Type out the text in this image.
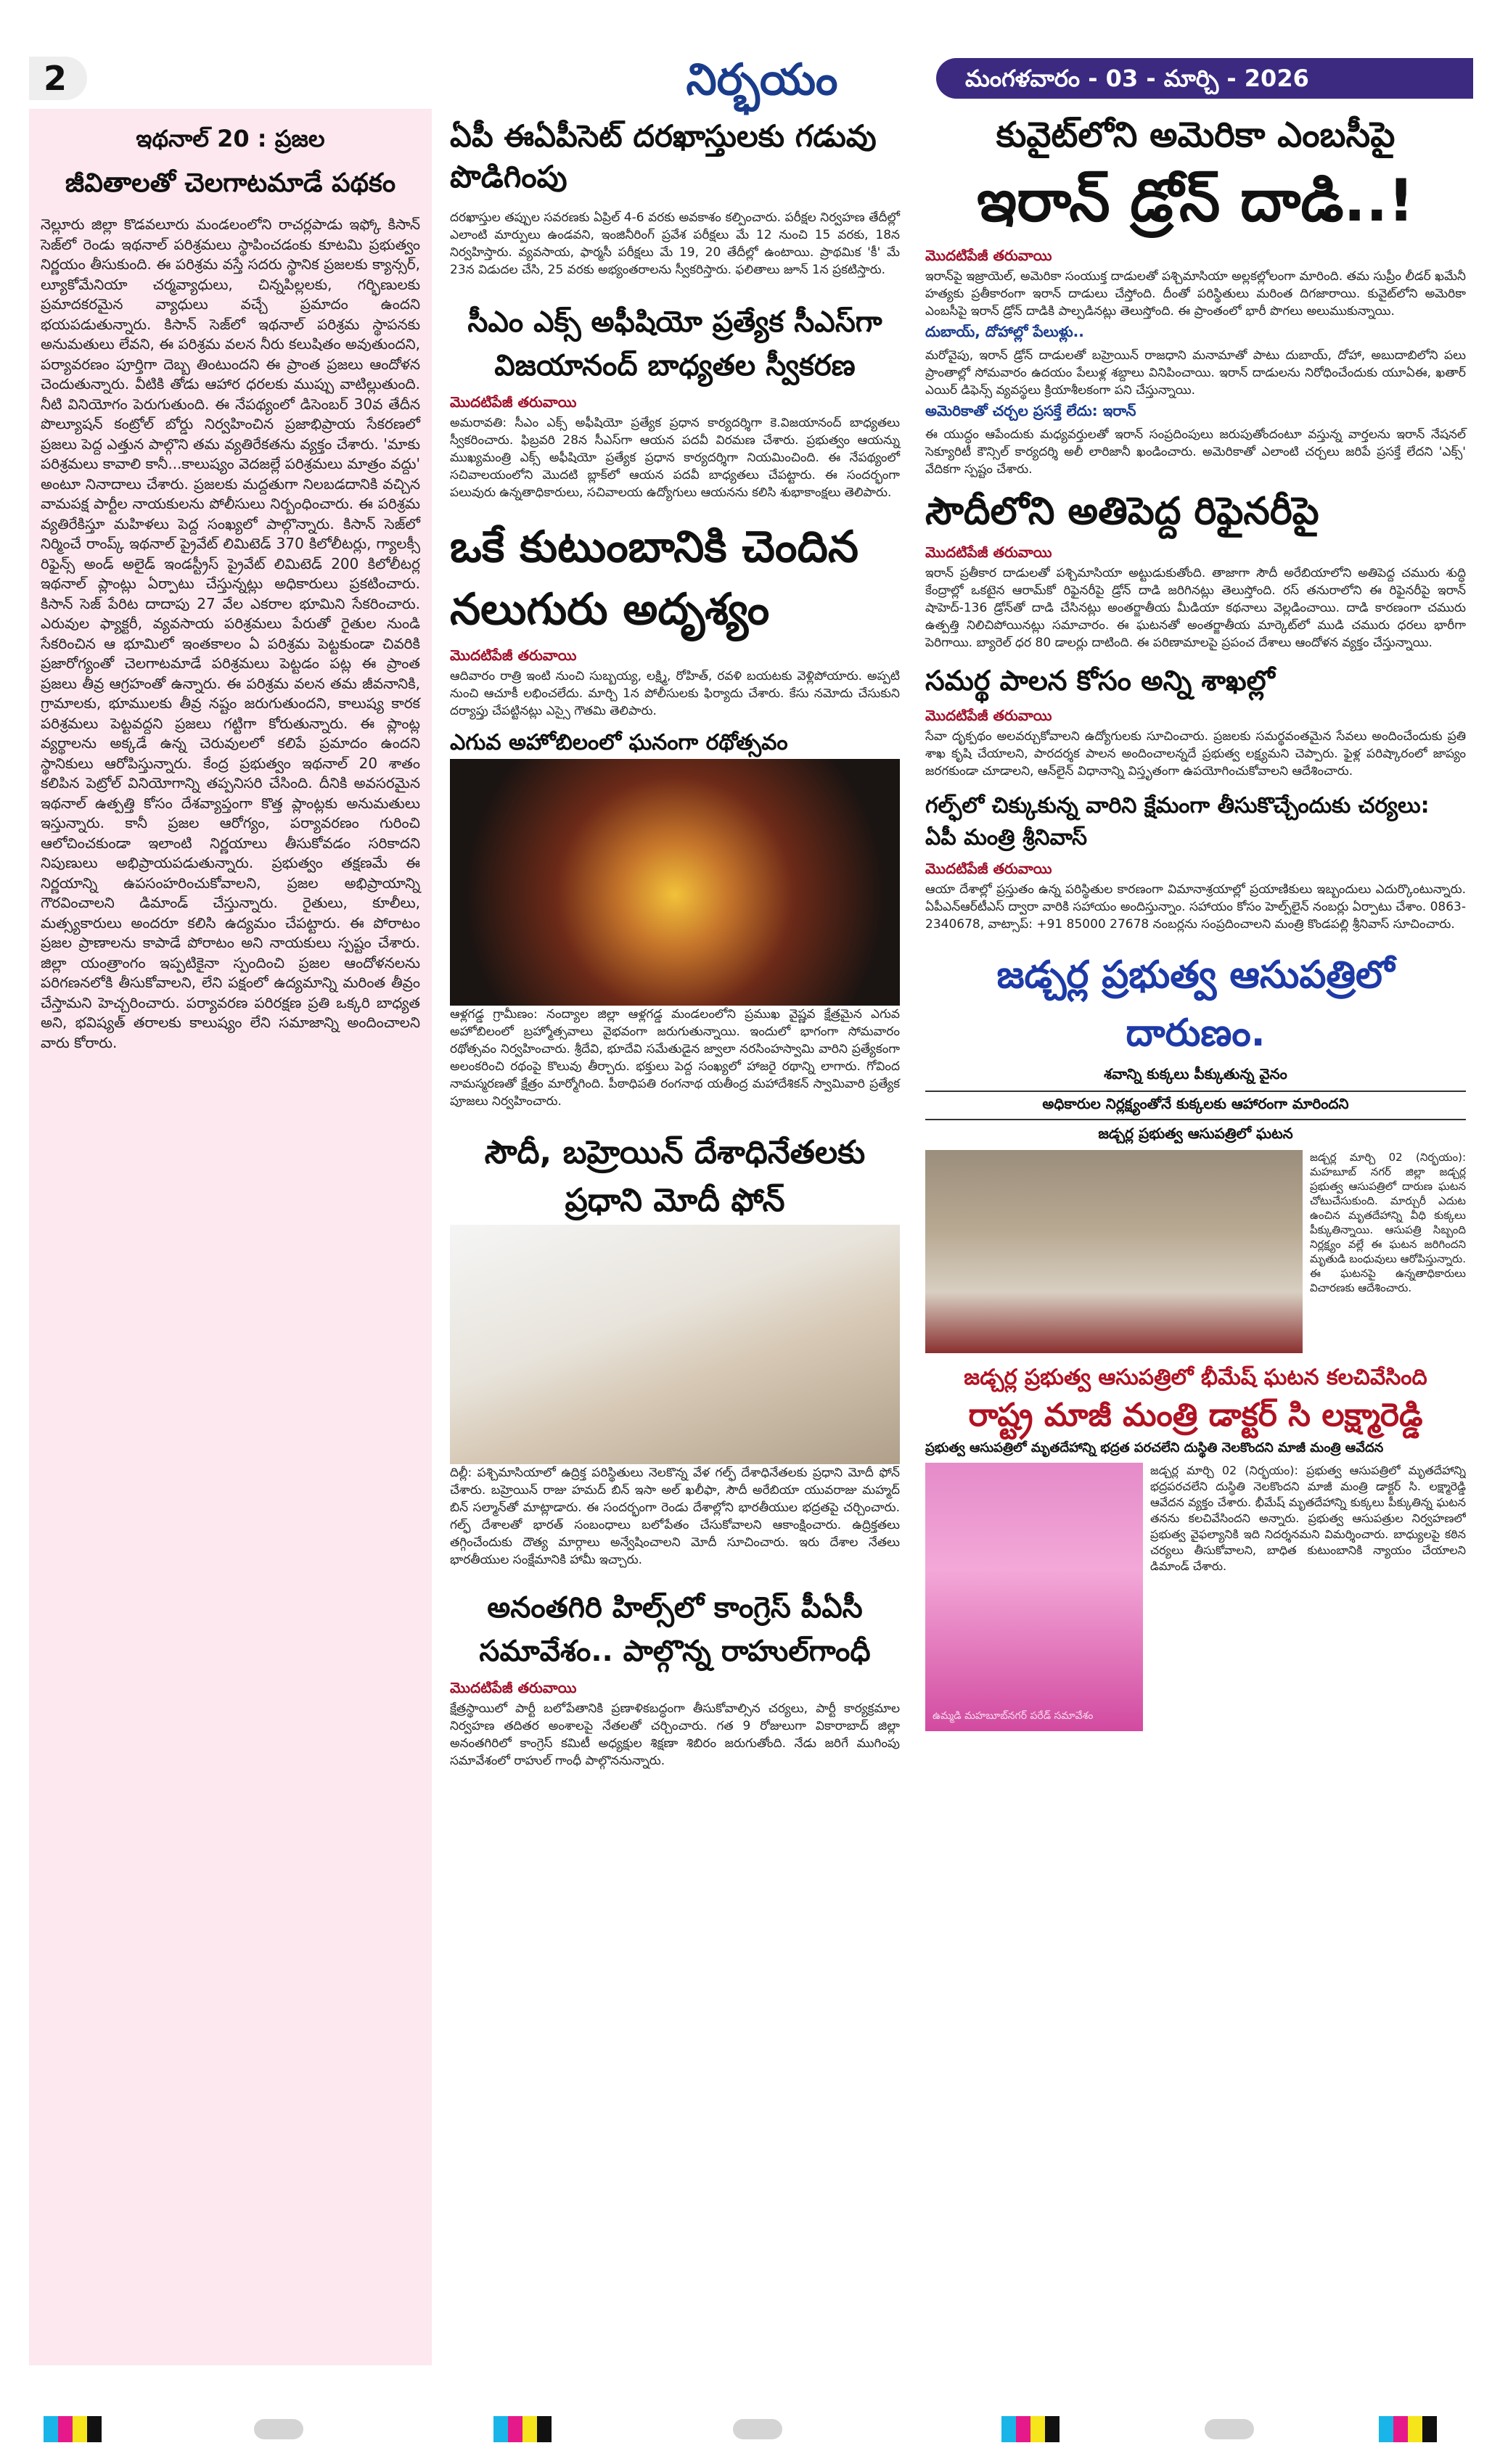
2	నిర్భయం	మంగళవారం - 03 - మార్చి - 2026
ఇథనాల్ 20 : ప్రజల
జీవితాలతో చెలగాటమాడే పథకం
నెల్లూరు జిల్లా కొడవలూరు మండలంలోని రాచర్లపాడు ఇఫ్కో కిసాన్ సెజ్‌లో రెండు ఇథనాల్ పరిశ్రమలు స్థాపించడంకు కూటమి ప్రభుత్వం నిర్ణయం తీసుకుంది. ఈ పరిశ్రమ వస్తే సదరు స్థానిక ప్రజలకు క్యాన్సర్, ల్యూకోమేనియా చర్మవ్యాధులు, చిన్నపిల్లలకు, గర్భిణులకు ప్రమాదకరమైన వ్యాధులు వచ్చే ప్రమాదం ఉందని భయపడుతున్నారు. కిసాన్ సెజ్‌లో ఇథనాల్ పరిశ్రమ స్థాపనకు అనుమతులు లేవని, ఈ పరిశ్రమ వలన నీరు కలుషితం అవుతుందని, పర్యావరణం పూర్తిగా దెబ్బ తింటుందని ఈ ప్రాంత ప్రజలు ఆందోళన చెందుతున్నారు. వీటికి తోడు ఆహార ధరలకు ముప్పు వాటిల్లుతుంది. నీటి వినియోగం పెరుగుతుంది. ఈ నేపథ్యంలో డిసెంబర్ 30వ తేదీన పొల్యూషన్ కంట్రోల్ బోర్డు నిర్వహించిన ప్రజాభిప్రాయ సేకరణలో ప్రజలు పెద్ద ఎత్తున పాల్గొని తమ వ్యతిరేకతను వ్యక్తం చేశారు. 'మాకు పరిశ్రమలు కావాలి కానీ...కాలుష్యం వెదజల్లే పరిశ్రమలు మాత్రం వద్దు' అంటూ నినాదాలు చేశారు. ప్రజలకు మద్దతుగా నిలబడదానికి వచ్చిన వామపక్ష పార్టీల నాయకులను పోలీసులు నిర్బంధించారు. ఈ పరిశ్రమ వ్యతిరేకిస్తూ మహిళలు పెద్ద సంఖ్యలో పాల్గొన్నారు. కిసాన్ సెజ్‌లో నిర్మించే రాంప్క్ ఇథనాల్ ప్రైవేట్ లిమిటెడ్ 370 కిలోలీటర్లు, గ్యాలక్సీ రిఫైన్స్ అండ్ అలైడ్ ఇండస్ట్రీస్ ప్రైవేట్ లిమిటెడ్ 200 కిలోలీటర్ల ఇథనాల్ ప్లాంట్లు ఏర్పాటు చేస్తున్నట్లు అధికారులు ప్రకటించారు. కిసాన్ సెజ్ పేరిట దాదాపు 27 వేల ఎకరాల భూమిని సేకరించారు. ఎరువుల ఫ్యాక్టరీ, వ్యవసాయ పరిశ్రమలు పేరుతో రైతుల నుండి సేకరించిన ఆ భూమిలో ఇంతకాలం ఏ పరిశ్రమ పెట్టకుండా చివరికి ప్రజారోగ్యంతో చెలగాటమాడే పరిశ్రమలు పెట్టడం పట్ల ఈ ప్రాంత ప్రజలు తీవ్ర ఆగ్రహంతో ఉన్నారు. ఈ పరిశ్రమ వలన తమ జీవనానికి, గ్రామాలకు, భూములకు తీవ్ర నష్టం జరుగుతుందని, కాలుష్య కారక పరిశ్రమలు పెట్టవద్దని ప్రజలు గట్టిగా కోరుతున్నారు. ఈ ప్లాంట్ల వ్యర్థాలను అక్కడే ఉన్న చెరువులలో కలిపే ప్రమాదం ఉందని స్థానికులు ఆరోపిస్తున్నారు. కేంద్ర ప్రభుత్వం ఇథనాల్ 20 శాతం కలిపిన పెట్రోల్ వినియోగాన్ని తప్పనిసరి చేసింది. దీనికి అవసరమైన ఇథనాల్ ఉత్పత్తి కోసం దేశవ్యాప్తంగా కొత్త ప్లాంట్లకు అనుమతులు ఇస్తున్నారు. కానీ ప్రజల ఆరోగ్యం, పర్యావరణం గురించి ఆలోచించకుండా ఇలాంటి నిర్ణయాలు తీసుకోవడం సరికాదని నిపుణులు అభిప్రాయపడుతున్నారు. ప్రభుత్వం తక్షణమే ఈ నిర్ణయాన్ని ఉపసంహరించుకోవాలని, ప్రజల అభిప్రాయాన్ని గౌరవించాలని డిమాండ్ చేస్తున్నారు. రైతులు, కూలీలు, మత్స్యకారులు అందరూ కలిసి ఉద్యమం చేపట్టారు. ఈ పోరాటం ప్రజల ప్రాణాలను కాపాడే పోరాటం అని నాయకులు స్పష్టం చేశారు. జిల్లా యంత్రాంగం ఇప్పటికైనా స్పందించి ప్రజల ఆందోళనలను పరిగణనలోకి తీసుకోవాలని, లేని పక్షంలో ఉద్యమాన్ని మరింత తీవ్రం చేస్తామని హెచ్చరించారు. పర్యావరణ పరిరక్షణ ప్రతి ఒక్కరి బాధ్యత అని, భవిష్యత్ తరాలకు కాలుష్యం లేని సమాజాన్ని అందించాలని వారు కోరారు.
ఏపీ ఈఏపీసెట్ దరఖాస్తులకు గడువు పొడిగింపు
దరఖాస్తుల తప్పుల సవరణకు ఏప్రిల్ 4-6 వరకు అవకాశం కల్పించారు. పరీక్షల నిర్వహణ తేదీల్లో ఎలాంటి మార్పులు ఉండవని, ఇంజినీరింగ్ ప్రవేశ పరీక్షలు మే 12 నుంచి 15 వరకు, 18న నిర్వహిస్తారు. వ్యవసాయ, ఫార్మసీ పరీక్షలు మే 19, 20 తేదీల్లో ఉంటాయి. ప్రాథమిక 'కీ' మే 23న విడుదల చేసి, 25 వరకు అభ్యంతరాలను స్వీకరిస్తారు. ఫలితాలు జూన్ 1న ప్రకటిస్తారు.
సీఎం ఎక్స్ అఫీషియో ప్రత్యేక సీఎస్‌గా విజయానంద్ బాధ్యతల స్వీకరణ
మెుదటిపేజీ తరువాయి
అమరావతి: సీఎం ఎక్స్ అఫీషియో ప్రత్యేక ప్రధాన కార్యదర్శిగా కె.విజయానంద్ బాధ్యతలు స్వీకరించారు. ఫిబ్రవరి 28న సీఎస్‌గా ఆయన పదవీ విరమణ చేశారు. ప్రభుత్వం ఆయన్ను ముఖ్యమంత్రి ఎక్స్ అఫీషియో ప్రత్యేక ప్రధాన కార్యదర్శిగా నియమించింది. ఈ నేపథ్యంలో సచివాలయంలోని మెుదటి బ్లాక్‌లో ఆయన పదవీ బాధ్యతలు చేపట్టారు. ఈ సందర్భంగా పలువురు ఉన్నతాధికారులు, సచివాలయ ఉద్యోగులు ఆయనను కలిసి శుభాకాంక్షలు తెలిపారు.
ఒకే కుటుంబానికి చెందిన నలుగురు అదృశ్యం
మెుదటిపేజీ తరువాయి
ఆదివారం రాత్రి ఇంటి నుంచి సుబ్బయ్య, లక్ష్మి, రోహిత్, రవళి బయటకు వెళ్లిపోయారు. అప్పటి నుంచి ఆచూకీ లభించలేదు. మార్చి 1న పోలీసులకు ఫిర్యాదు చేశారు. కేసు నమోదు చేసుకుని దర్యాప్తు చేపట్టినట్లు ఎస్సై గౌతమి తెలిపారు.
ఎగువ అహోబిలంలో ఘనంగా రథోత్సవం
ఆళ్లగడ్డ గ్రామీణం: నంద్యాల జిల్లా ఆళ్లగడ్డ మండలంలోని ప్రముఖ వైష్ణవ క్షేత్రమైన ఎగువ అహోబిలంలో బ్రహ్మోత్సవాలు వైభవంగా జరుగుతున్నాయి. ఇందులో భాగంగా సోమవారం రథోత్సవం నిర్వహించారు. శ్రీదేవి, భూదేవి సమేతుడైన జ్వాలా నరసింహస్వామి వారిని ప్రత్యేకంగా అలంకరించి రథంపై కొలువు తీర్చారు. భక్తులు పెద్ద సంఖ్యలో హాజరై రథాన్ని లాగారు. గోవింద నామస్మరణతో క్షేత్రం మార్మోగింది. పీఠాధిపతి రంగనాథ యతీంద్ర మహాదేశికన్ స్వామివారి ప్రత్యేక పూజలు నిర్వహించారు.
సౌదీ, బహ్రెయిన్ దేశాధినేతలకు ప్రధాని మోదీ ఫోన్
దిల్లీ: పశ్చిమాసియాలో ఉద్రిక్త పరిస్థితులు నెలకొన్న వేళ గల్ఫ్ దేశాధినేతలకు ప్రధాని మోదీ ఫోన్ చేశారు. బహ్రెయిన్ రాజు హమద్ బిన్ ఇసా అల్ ఖలీఫా, సౌదీ అరేబియా యువరాజు మహ్మద్ బిన్ సల్మాన్‌తో మాట్లాడారు. ఈ సందర్భంగా రెండు దేశాల్లోని భారతీయుల భద్రతపై చర్చించారు. గల్ఫ్ దేశాలతో భారత్ సంబంధాలు బలోపేతం చేసుకోవాలని ఆకాంక్షించారు. ఉద్రిక్తతలు తగ్గించేందుకు దౌత్య మార్గాలు అన్వేషించాలని మోదీ సూచించారు. ఇరు దేశాల నేతలు భారతీయుల సంక్షేమానికి హామీ ఇచ్చారు.
అనంతగిరి హిల్స్‌లో కాంగ్రెస్ పీఏసీ సమావేశం.. పాల్గొన్న రాహుల్‌గాంధీ
మెుదటిపేజీ తరువాయి
క్షేత్రస్థాయిలో పార్టీ బలోపేతానికి ప్రణాళికబద్ధంగా తీసుకోవాల్సిన చర్యలు, పార్టీ కార్యక్రమాల నిర్వహణ తదితర అంశాలపై నేతలతో చర్చించారు. గత 9 రోజులుగా వికారాబాద్ జిల్లా అనంతగిరిలో కాంగ్రెస్ కమిటీ అధ్యక్షుల శిక్షణా శిబిరం జరుగుతోంది. నేడు జరిగే ముగింపు సమావేశంలో రాహుల్ గాంధీ పాల్గొననున్నారు.
కువైట్‌లోని అమెరికా ఎంబసీపై
ఇరాన్ డ్రోన్ దాడి..!
మెుదటిపేజీ తరువాయి
ఇరాన్‌పై ఇజ్రాయెల్, అమెరికా సంయుక్త దాడులతో పశ్చిమాసియా అల్లకల్లోలంగా మారింది. తమ సుప్రీం లీడర్ ఖమేనీ హత్యకు ప్రతీకారంగా ఇరాన్ దాడులు చేస్తోంది. దీంతో పరిస్థితులు మరింత దిగజారాయి. కువైట్‌లోని అమెరికా ఎంబసీపై ఇరాన్ డ్రోన్ దాడికి పాల్పడినట్లు తెలుస్తోంది. ఈ ప్రాంతంలో భారీ పొగలు అలుముకున్నాయి.
దుబాయ్, దోహాల్లో పేలుళ్లు..
మరోవైపు, ఇరాన్ డ్రోన్ దాడులతో బహ్రెయిన్ రాజధాని మనామాతో పాటు దుబాయ్, దోహా, అబుదాబిలోని పలు ప్రాంతాల్లో సోమవారం ఉదయం పేలుళ్ల శబ్దాలు వినిపించాయి. ఇరాన్ దాడులను నిరోధించేందుకు యూఏఈ, ఖతార్ ఎయిర్ డిఫెన్స్ వ్యవస్థలు క్రియాశీలకంగా పని చేస్తున్నాయి.
అమెరికాతో చర్చల ప్రసక్తే లేదు: ఇరాన్
ఈ యుద్ధం ఆపేందుకు మధ్యవర్తులతో ఇరాన్ సంప్రదింపులు జరుపుతోందంటూ వస్తున్న వార్తలను ఇరాన్ నేషనల్ సెక్యూరిటీ కౌన్సిల్ కార్యదర్శి అలీ లారిజానీ ఖండించారు. అమెరికాతో ఎలాంటి చర్చలు జరిపే ప్రసక్తే లేదని 'ఎక్స్' వేదికగా స్పష్టం చేశారు.
సౌదీలోని అతిపెద్ద రిఫైనరీపై
మెుదటిపేజీ తరువాయి
ఇరాన్ ప్రతీకార దాడులతో పశ్చిమాసియా అట్టుడుకుతోంది. తాజాగా సౌదీ అరేబియాలోని అతిపెద్ద చమురు శుద్ధి కేంద్రాల్లో ఒకటైన ఆరామ్‌కో రిఫైనరీపై డ్రోన్ దాడి జరిగినట్లు తెలుస్తోంది. రస్ తనురాలోని ఈ రిఫైనరీపై ఇరాన్ షాహెద్-136 డ్రోన్‌తో దాడి చేసినట్లు అంతర్జాతీయ మీడియా కథనాలు వెల్లడించాయి. దాడి కారణంగా చమురు ఉత్పత్తి నిలిచిపోయినట్లు సమాచారం. ఈ ఘటనతో అంతర్జాతీయ మార్కెట్‌లో ముడి చమురు ధరలు భారీగా పెరిగాయి. బ్యారెల్ ధర 80 డాలర్లు దాటింది. ఈ పరిణామాలపై ప్రపంచ దేశాలు ఆందోళన వ్యక్తం చేస్తున్నాయి.
సమర్థ పాలన కోసం అన్ని శాఖల్లో
మెుదటిపేజీ తరువాయి
సేవా దృక్పథం అలవర్చుకోవాలని ఉద్యోగులకు సూచించారు. ప్రజలకు సమర్థవంతమైన సేవలు అందించేందుకు ప్రతి శాఖ కృషి చేయాలని, పారదర్శక పాలన అందించాలన్నదే ప్రభుత్వ లక్ష్యమని చెప్పారు. ఫైళ్ల పరిష్కారంలో జాప్యం జరగకుండా చూడాలని, ఆన్‌లైన్ విధానాన్ని విస్తృతంగా ఉపయోగించుకోవాలని ఆదేశించారు.
గల్ఫ్‌లో చిక్కుకున్న వారిని క్షేమంగా తీసుకొచ్చేందుకు చర్యలు: ఏపీ మంత్రి శ్రీనివాస్
మెుదటిపేజీ తరువాయి
ఆయా దేశాల్లో ప్రస్తుతం ఉన్న పరిస్థితుల కారణంగా విమానాశ్రయాల్లో ప్రయాణికులు ఇబ్బందులు ఎదుర్కొంటున్నారు. ఏపీఎన్ఆర్‌టీఎస్ ద్వారా వారికి సహాయం అందిస్తున్నాం. సహాయం కోసం హెల్ప్‌లైన్ నంబర్లు ఏర్పాటు చేశాం. 0863-2340678, వాట్సాప్: +91 85000 27678 నంబర్లను సంప్రదించాలని మంత్రి కొండపల్లి శ్రీనివాస్ సూచించారు.
జడ్చర్ల ప్రభుత్వ ఆసుపత్రిలో దారుణం.
శవాన్ని కుక్కలు పీక్కుతున్న వైనం
అధికారుల నిర్లక్ష్యంతోనే కుక్కలకు ఆహారంగా మారిందని
జడ్చర్ల ప్రభుత్వ ఆసుపత్రిలో ఘటన
జడ్చర్ల మార్చి 02 (నిర్భయం): మహబూబ్ నగర్ జిల్లా జడ్చర్ల ప్రభుత్వ ఆసుపత్రిలో దారుణ ఘటన చోటుచేసుకుంది. మార్చురీ ఎదుట ఉంచిన మృతదేహాన్ని వీధి కుక్కలు పీక్కుతిన్నాయి. ఆసుపత్రి సిబ్బంది నిర్లక్ష్యం వల్లే ఈ ఘటన జరిగిందని మృతుడి బంధువులు ఆరోపిస్తున్నారు. ఈ ఘటనపై ఉన్నతాధికారులు విచారణకు ఆదేశించారు.
జడ్చర్ల ప్రభుత్వ ఆసుపత్రిలో భీమేష్ ఘటన కలచివేసింది
రాష్ట్ర మాజీ మంత్రి డాక్టర్ సి లక్ష్మారెడ్డి
ప్రభుత్వ ఆసుపత్రిలో మృతదేహాన్ని భద్రత పరచలేని దుస్థితి నెలకొందని మాజీ మంత్రి ఆవేదన
ఉమ్మడి మహబూబ్‌నగర్ పరేడ్ సమావేశం
జడ్చర్ల మార్చి 02 (నిర్భయం): ప్రభుత్వ ఆసుపత్రిలో మృతదేహాన్ని భద్రపరచలేని దుస్థితి నెలకొందని మాజీ మంత్రి డాక్టర్ సి. లక్ష్మారెడ్డి ఆవేదన వ్యక్తం చేశారు. భీమేష్ మృతదేహాన్ని కుక్కలు పీక్కుతిన్న ఘటన తనను కలచివేసిందని అన్నారు. ప్రభుత్వ ఆసుపత్రుల నిర్వహణలో ప్రభుత్వ వైఫల్యానికి ఇది నిదర్శనమని విమర్శించారు. బాధ్యులపై కఠిన చర్యలు తీసుకోవాలని, బాధిత కుటుంబానికి న్యాయం చేయాలని డిమాండ్ చేశారు.
